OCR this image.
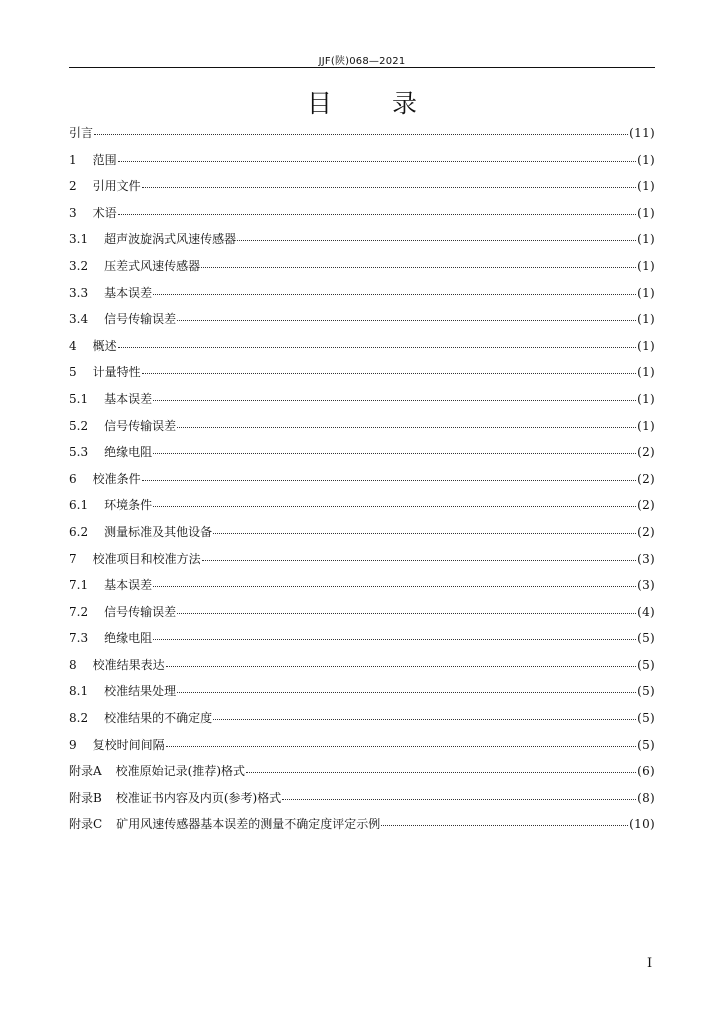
JJF(陕)068—2021
目 录
引言	(11)
1 范围	(1)
2 引用文件	(1)
3 术语	(1)
3.1 超声波旋涡式风速传感器	(1)
3.2 压差式风速传感器	(1)
3.3 基本误差	(1)
3.4 信号传输误差	(1)
4 概述	(1)
5 计量特性	(1)
5.1 基本误差	(1)
5.2 信号传输误差	(1)
5.3 绝缘电阻	(2)
6 校准条件	(2)
6.1 环境条件	(2)
6.2 测量标准及其他设备	(2)
7 校准项目和校准方法	(3)
7.1 基本误差	(3)
7.2 信号传输误差	(4)
7.3 绝缘电阻	(5)
8 校准结果表达	(5)
8.1 校准结果处理	(5)
8.2 校准结果的不确定度	(5)
9 复校时间间隔	(5)
附录A 校准原始记录(推荐)格式	(6)
附录B 校准证书内容及内页(参考)格式	(8)
附录C 矿用风速传感器基本误差的测量不确定度评定示例	(10)
I
